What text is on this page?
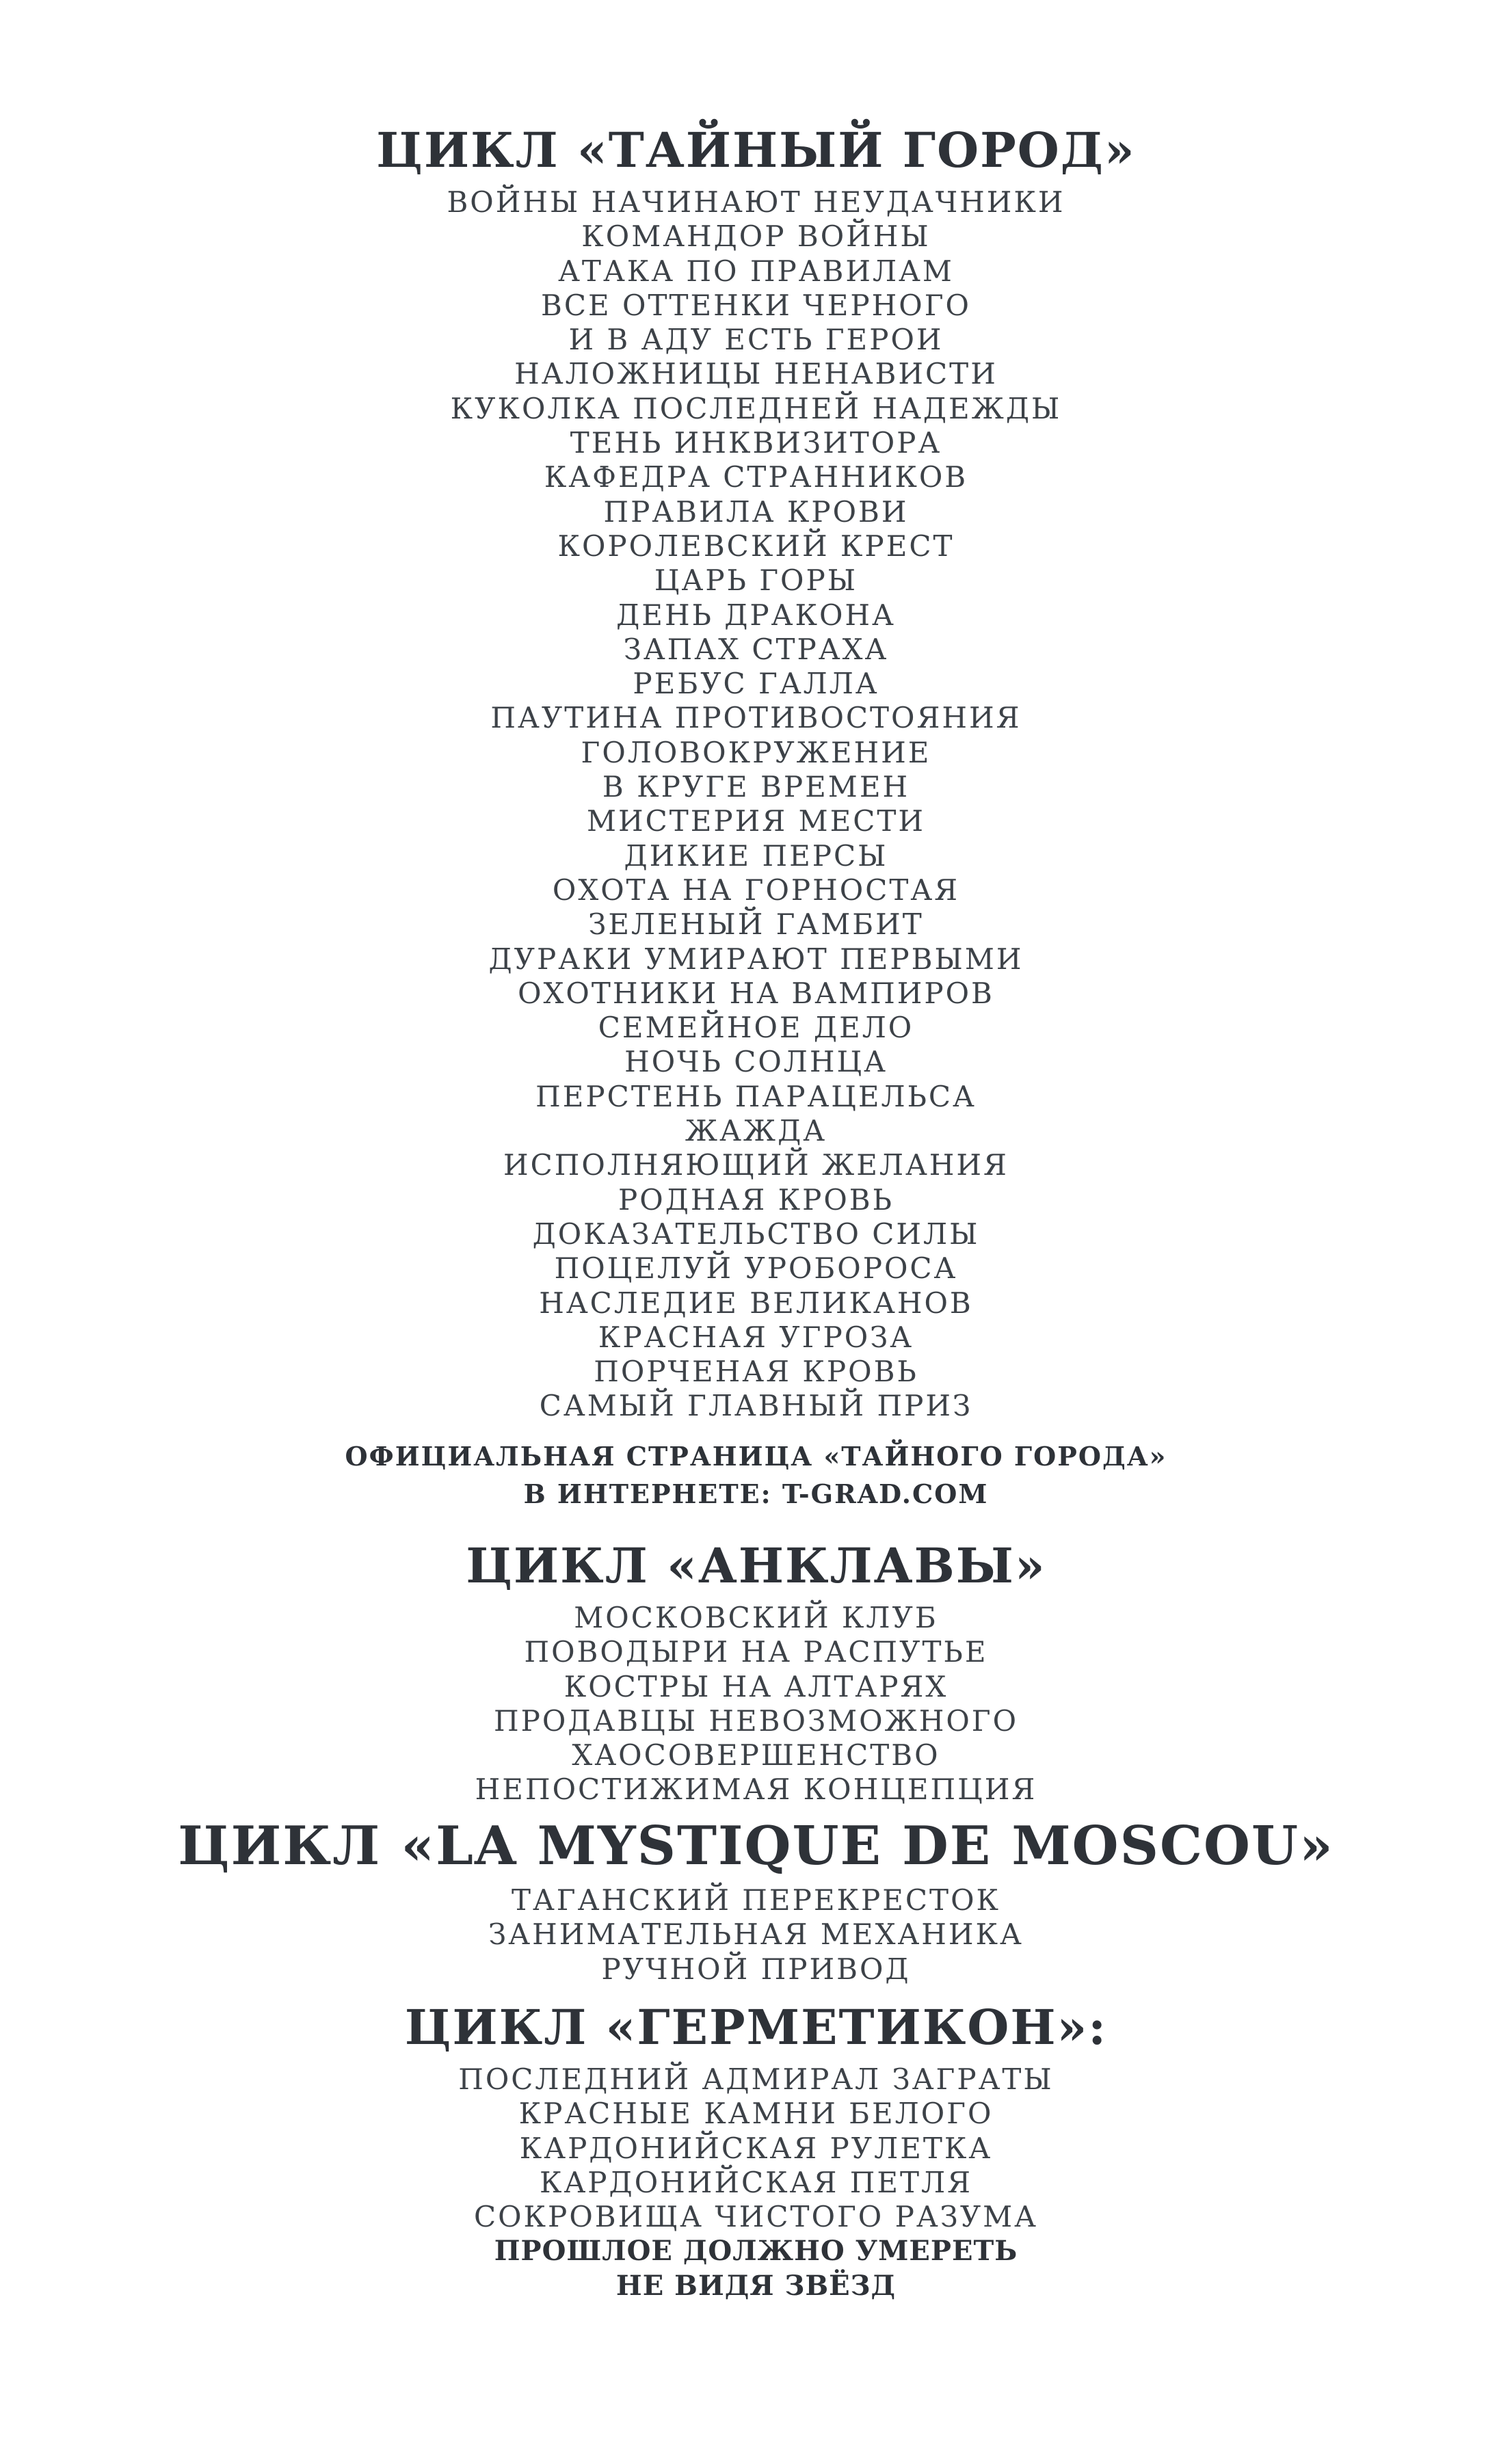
ЦИКЛ «ТАЙНЫЙ ГОРОД»
ВОЙНЫ НАЧИНАЮТ НЕУДАЧНИКИ
КОМАНДОР ВОЙНЫ
АТАКА ПО ПРАВИЛАМ
ВСЕ ОТТЕНКИ ЧЕРНОГО
И В АДУ ЕСТЬ ГЕРОИ
НАЛОЖНИЦЫ НЕНАВИСТИ
КУКОЛКА ПОСЛЕДНЕЙ НАДЕЖДЫ
ТЕНЬ ИНКВИЗИТОРА
КАФЕДРА СТРАННИКОВ
ПРАВИЛА КРОВИ
КОРОЛЕВСКИЙ КРЕСТ
ЦАРЬ ГОРЫ
ДЕНЬ ДРАКОНА
ЗАПАХ СТРАХА
РЕБУС ГАЛЛА
ПАУТИНА ПРОТИВОСТОЯНИЯ
ГОЛОВОКРУЖЕНИЕ
В КРУГЕ ВРЕМЕН
МИСТЕРИЯ МЕСТИ
ДИКИЕ ПЕРСЫ
ОХОТА НА ГОРНОСТАЯ
ЗЕЛЕНЫЙ ГАМБИТ
ДУРАКИ УМИРАЮТ ПЕРВЫМИ
ОХОТНИКИ НА ВАМПИРОВ
СЕМЕЙНОЕ ДЕЛО
НОЧЬ СОЛНЦА
ПЕРСТЕНЬ ПАРАЦЕЛЬСА
ЖАЖДА
ИСПОЛНЯЮЩИЙ ЖЕЛАНИЯ
РОДНАЯ КРОВЬ
ДОКАЗАТЕЛЬСТВО СИЛЫ
ПОЦЕЛУЙ УРОБОРОСА
НАСЛЕДИЕ ВЕЛИКАНОВ
КРАСНАЯ УГРОЗА
ПОРЧЕНАЯ КРОВЬ
САМЫЙ ГЛАВНЫЙ ПРИЗ
ОФИЦИАЛЬНАЯ СТРАНИЦА «ТАЙНОГО ГОРОДА»
В ИНТЕРНЕТЕ: T-GRAD.COM
ЦИКЛ «АНКЛАВЫ»
МОСКОВСКИЙ КЛУБ
ПОВОДЫРИ НА РАСПУТЬЕ
КОСТРЫ НА АЛТАРЯХ
ПРОДАВЦЫ НЕВОЗМОЖНОГО
ХАОСОВЕРШЕНСТВО
НЕПОСТИЖИМАЯ КОНЦЕПЦИЯ
ЦИКЛ «LA MYSTIQUE DE MOSCOU»
ТАГАНСКИЙ ПЕРЕКРЕСТОК
ЗАНИМАТЕЛЬНАЯ МЕХАНИКА
РУЧНОЙ ПРИВОД
ЦИКЛ «ГЕРМЕТИКОН»:
ПОСЛЕДНИЙ АДМИРАЛ ЗАГРАТЫ
КРАСНЫЕ КАМНИ БЕЛОГО
КАРДОНИЙСКАЯ РУЛЕТКА
КАРДОНИЙСКАЯ ПЕТЛЯ
СОКРОВИЩА ЧИСТОГО РАЗУМА
ПРОШЛОЕ ДОЛЖНО УМЕРЕТЬ
НЕ ВИДЯ ЗВЁЗД
